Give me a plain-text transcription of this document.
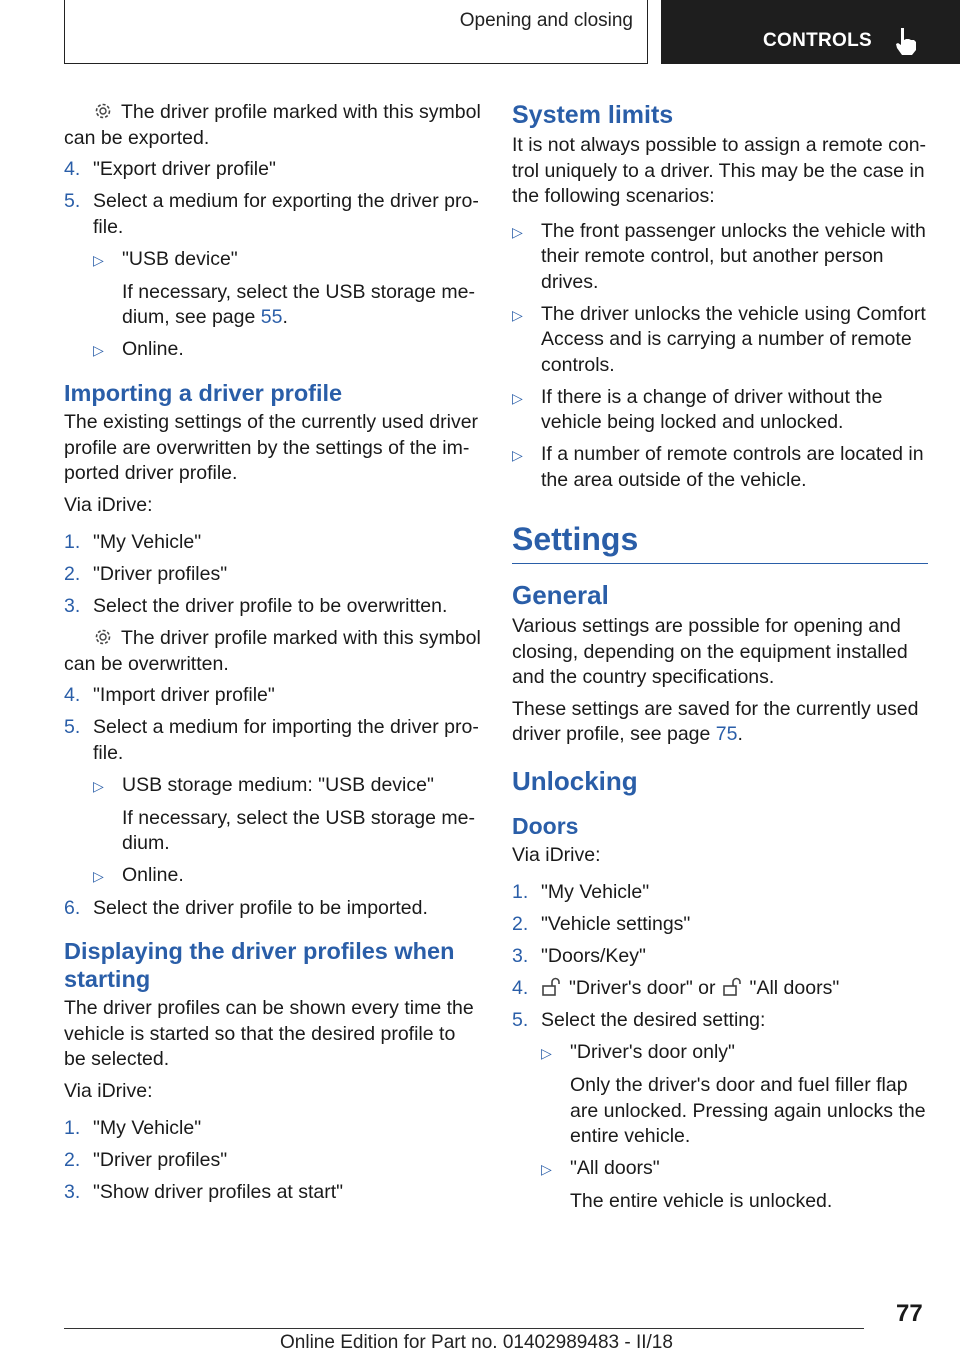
Opening and closing
CONTROLS

The driver profile marked with this symbol can be exported.

4. "Export driver profile"
5. Select a medium for exporting the driver profile.
▷ "USB device"

If necessary, select the USB storage medium, see page 55.

▷ Online.
Importing a driver profile

The existing settings of the currently used driver profile are overwritten by the settings of the imported driver profile.

Via iDrive:

1. "My Vehicle"
2. "Driver profiles"
3. Select the driver profile to be overwritten.

The driver profile marked with this symbol can be overwritten.

4. "Import driver profile"
5. Select a medium for importing the driver profile.
▷ USB storage medium: "USB device"

If necessary, select the USB storage medium.

▷ Online.
6. Select the driver profile to be imported.
Displaying the driver profiles when starting

The driver profiles can be shown every time the vehicle is started so that the desired profile to be selected.

Via iDrive:

1. "My Vehicle"
2. "Driver profiles"
3. "Show driver profiles at start"
System limits

It is not always possible to assign a remote control uniquely to a driver. This may be the case in the following scenarios:

▷ The front passenger unlocks the vehicle with their remote control, but another person drives.
▷ The driver unlocks the vehicle using Comfort Access and is carrying a number of remote controls.
▷ If there is a change of driver without the vehicle being locked and unlocked.
▷ If a number of remote controls are located in the area outside of the vehicle.
Settings
General

Various settings are possible for opening and closing, depending on the equipment installed and the country specifications.

These settings are saved for the currently used driver profile, see page 75.

Unlocking
Doors

Via iDrive:

1. "My Vehicle"
2. "Vehicle settings"
3. "Doors/Key"
4.	"Driver's door" or "All doors"
5. Select the desired setting:
▷ "Driver's door only"

Only the driver's door and fuel filler flap are unlocked. Pressing again unlocks the entire vehicle.

▷ "All doors"

The entire vehicle is unlocked.

77
Online Edition for Part no. 01402989483 - II/18
